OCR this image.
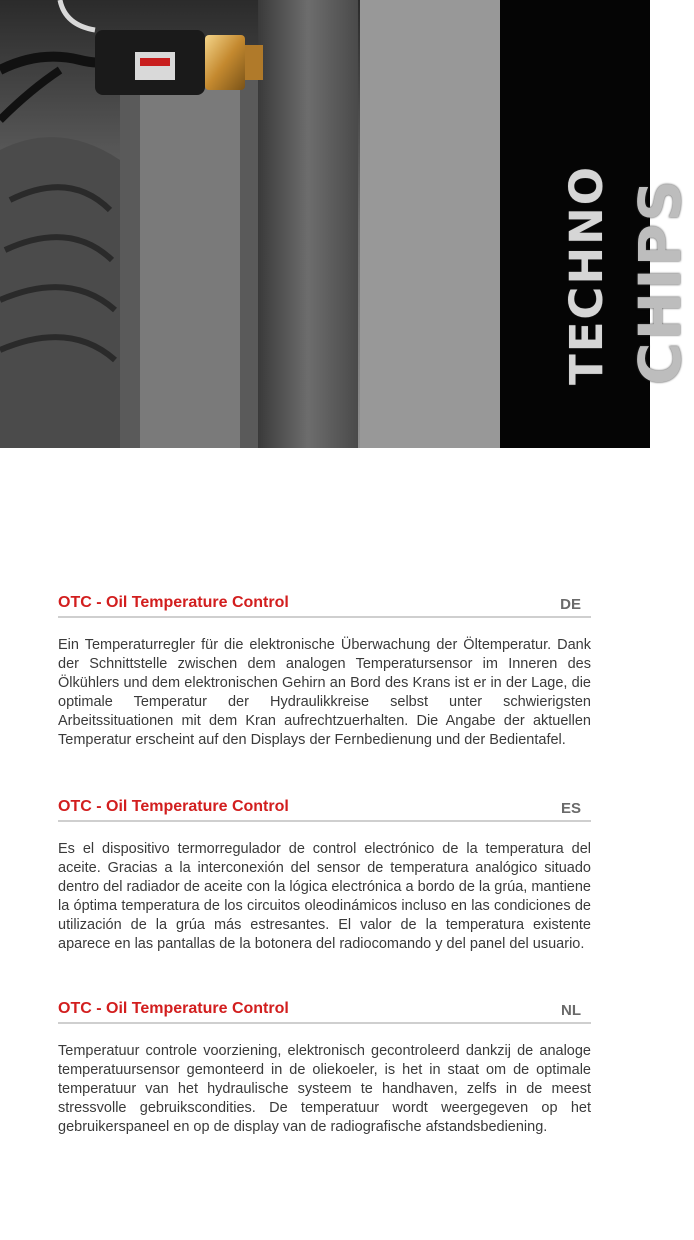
TECHNO CHIPS
OTC - Oil Temperature Control	DE
Ein Temperaturregler für die elektronische Überwachung der Öltemperatur. Dank der Schnittstelle zwischen dem analogen Temperatursensor im Inneren des Ölkühlers und dem elektronischen Gehirn an Bord des Krans ist er in der Lage, die optimale Temperatur der Hydraulikkreise selbst unter schwierigsten Arbeitssituationen mit dem Kran aufrechtzuerhalten. Die Angabe der aktuellen Temperatur erscheint auf den Displays der Fernbedienung und der Bedientafel.
OTC - Oil Temperature Control	ES
Es el dispositivo termorregulador de control electrónico de la temperatura del aceite. Gracias a la interconexión del sensor de temperatura analógico situado dentro del radiador de aceite con la lógica electrónica a bordo de la grúa, mantiene la óptima temperatura de los circuitos oleodinámicos incluso en las condiciones de utilización de la grúa más estresantes. El valor de la temperatura existente aparece en las pantallas de la botonera del radiocomando y del panel del usuario.
OTC - Oil Temperature Control	NL
Temperatuur controle voorziening, elektronisch gecontroleerd dankzij de analoge temperatuursensor gemonteerd in de oliekoeler, is het in staat om de optimale temperatuur van het hydraulische systeem te handhaven, zelfs in de meest stressvolle gebruikscondities. De temperatuur wordt weergegeven op het gebruikerspaneel en op de display van de radiografische afstandsbediening.
